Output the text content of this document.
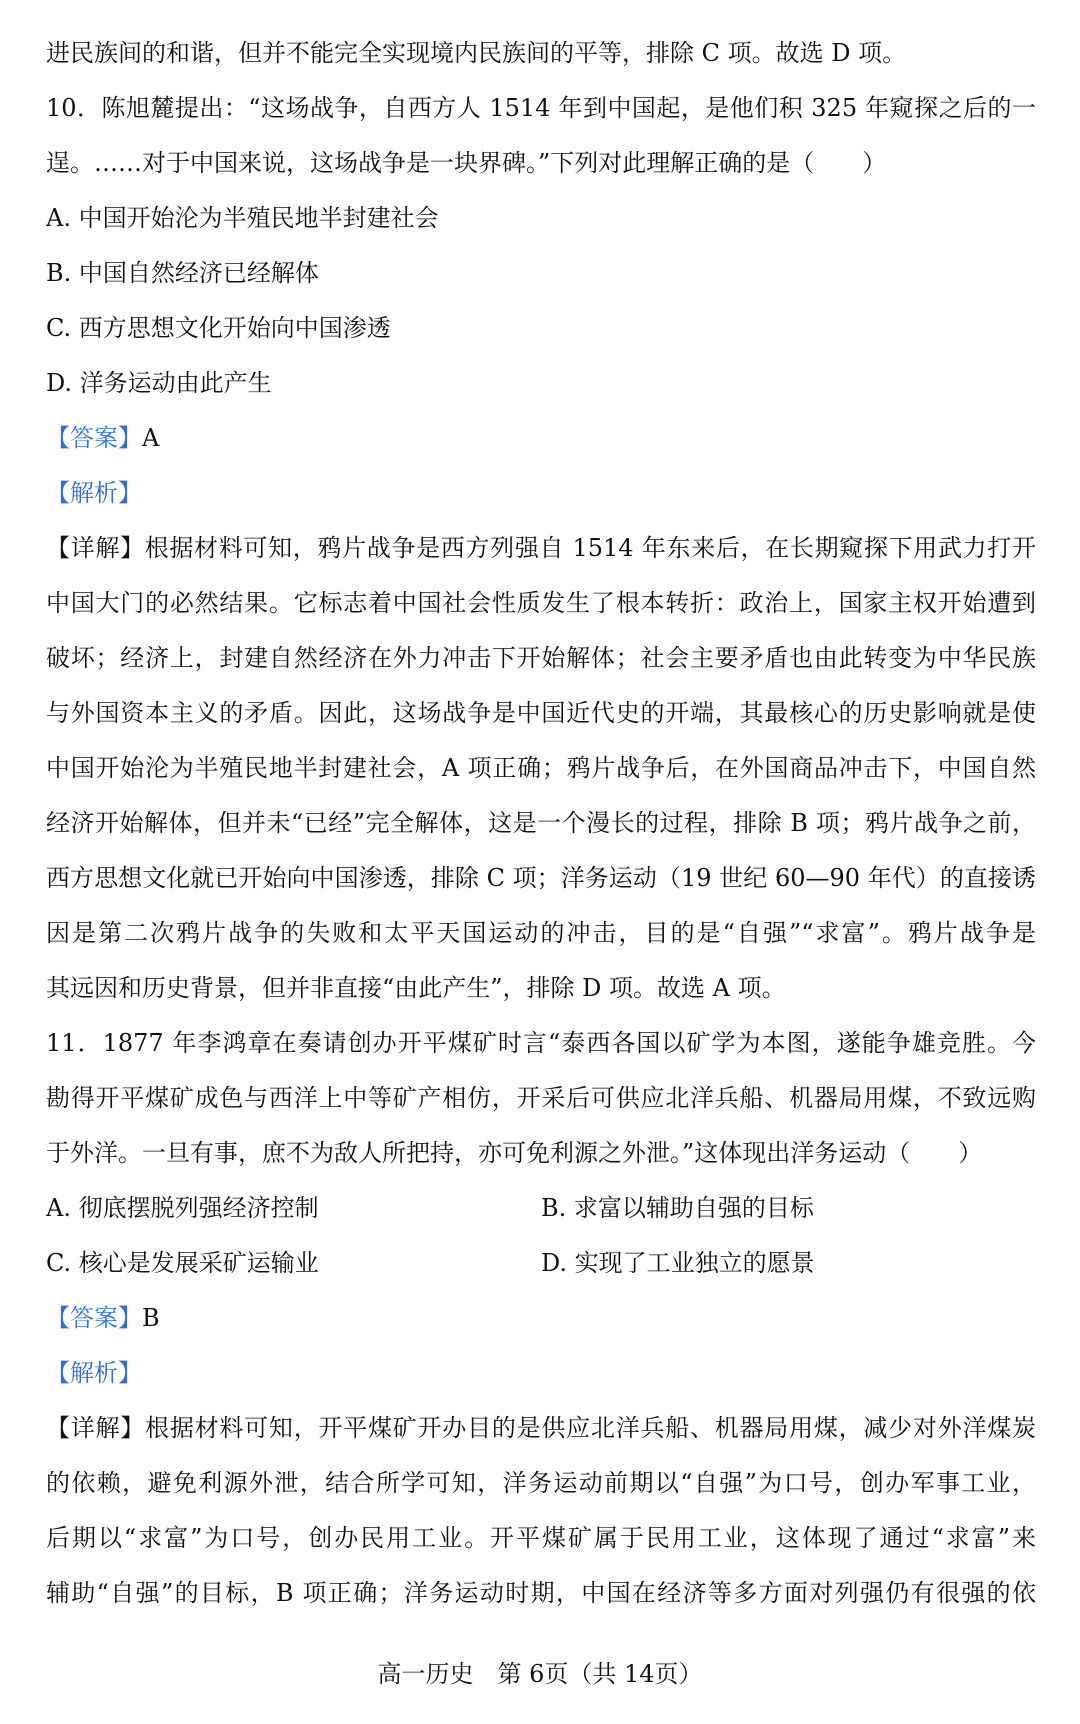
进民族间的和谐，但并不能完全实现境内民族间的平等，排除 C 项。故选 D 项。
10．陈旭麓提出：“这场战争，自西方人 1514 年到中国起，是他们积 325 年窥探之后的一
逞。……对于中国来说，这场战争是一块界碑。”下列对此理解正确的是（　　）
A. 中国开始沦为半殖民地半封建社会
B. 中国自然经济已经解体
C. 西方思想文化开始向中国渗透
D. 洋务运动由此产生
【答案】A
【解析】
【详解】根据材料可知，鸦片战争是西方列强自 1514 年东来后，在长期窥探下用武力打开
中国大门的必然结果。它标志着中国社会性质发生了根本转折：政治上，国家主权开始遭到
破坏；经济上，封建自然经济在外力冲击下开始解体；社会主要矛盾也由此转变为中华民族
与外国资本主义的矛盾。因此，这场战争是中国近代史的开端，其最核心的历史影响就是使
中国开始沦为半殖民地半封建社会，A 项正确；鸦片战争后，在外国商品冲击下，中国自然
经济开始解体，但并未“已经”完全解体，这是一个漫长的过程，排除 B 项；鸦片战争之前，
西方思想文化就已开始向中国渗透，排除 C 项；洋务运动（19 世纪 60—90 年代）的直接诱
因是第二次鸦片战争的失败和太平天国运动的冲击，目的是“自强”“求富”。鸦片战争是
其远因和历史背景，但并非直接“由此产生”，排除 D 项。故选 A 项。
11．1877 年李鸿章在奏请创办开平煤矿时言“泰西各国以矿学为本图，遂能争雄竞胜。今
勘得开平煤矿成色与西洋上中等矿产相仿，开采后可供应北洋兵船、机器局用煤，不致远购
于外洋。一旦有事，庶不为敌人所把持，亦可免利源之外泄。”这体现出洋务运动（　　）
A. 彻底摆脱列强经济控制	B. 求富以辅助自强的目标
C. 核心是发展采矿运输业	D. 实现了工业独立的愿景
【答案】B
【解析】
【详解】根据材料可知，开平煤矿开办目的是供应北洋兵船、机器局用煤，减少对外洋煤炭
的依赖，避免利源外泄，结合所学可知，洋务运动前期以“自强”为口号，创办军事工业，
后期以“求富”为口号，创办民用工业。开平煤矿属于民用工业，这体现了通过“求富”来
辅助“自强”的目标，B 项正确；洋务运动时期，中国在经济等多方面对列强仍有很强的依
高一历史　第 6页（共 14页）
